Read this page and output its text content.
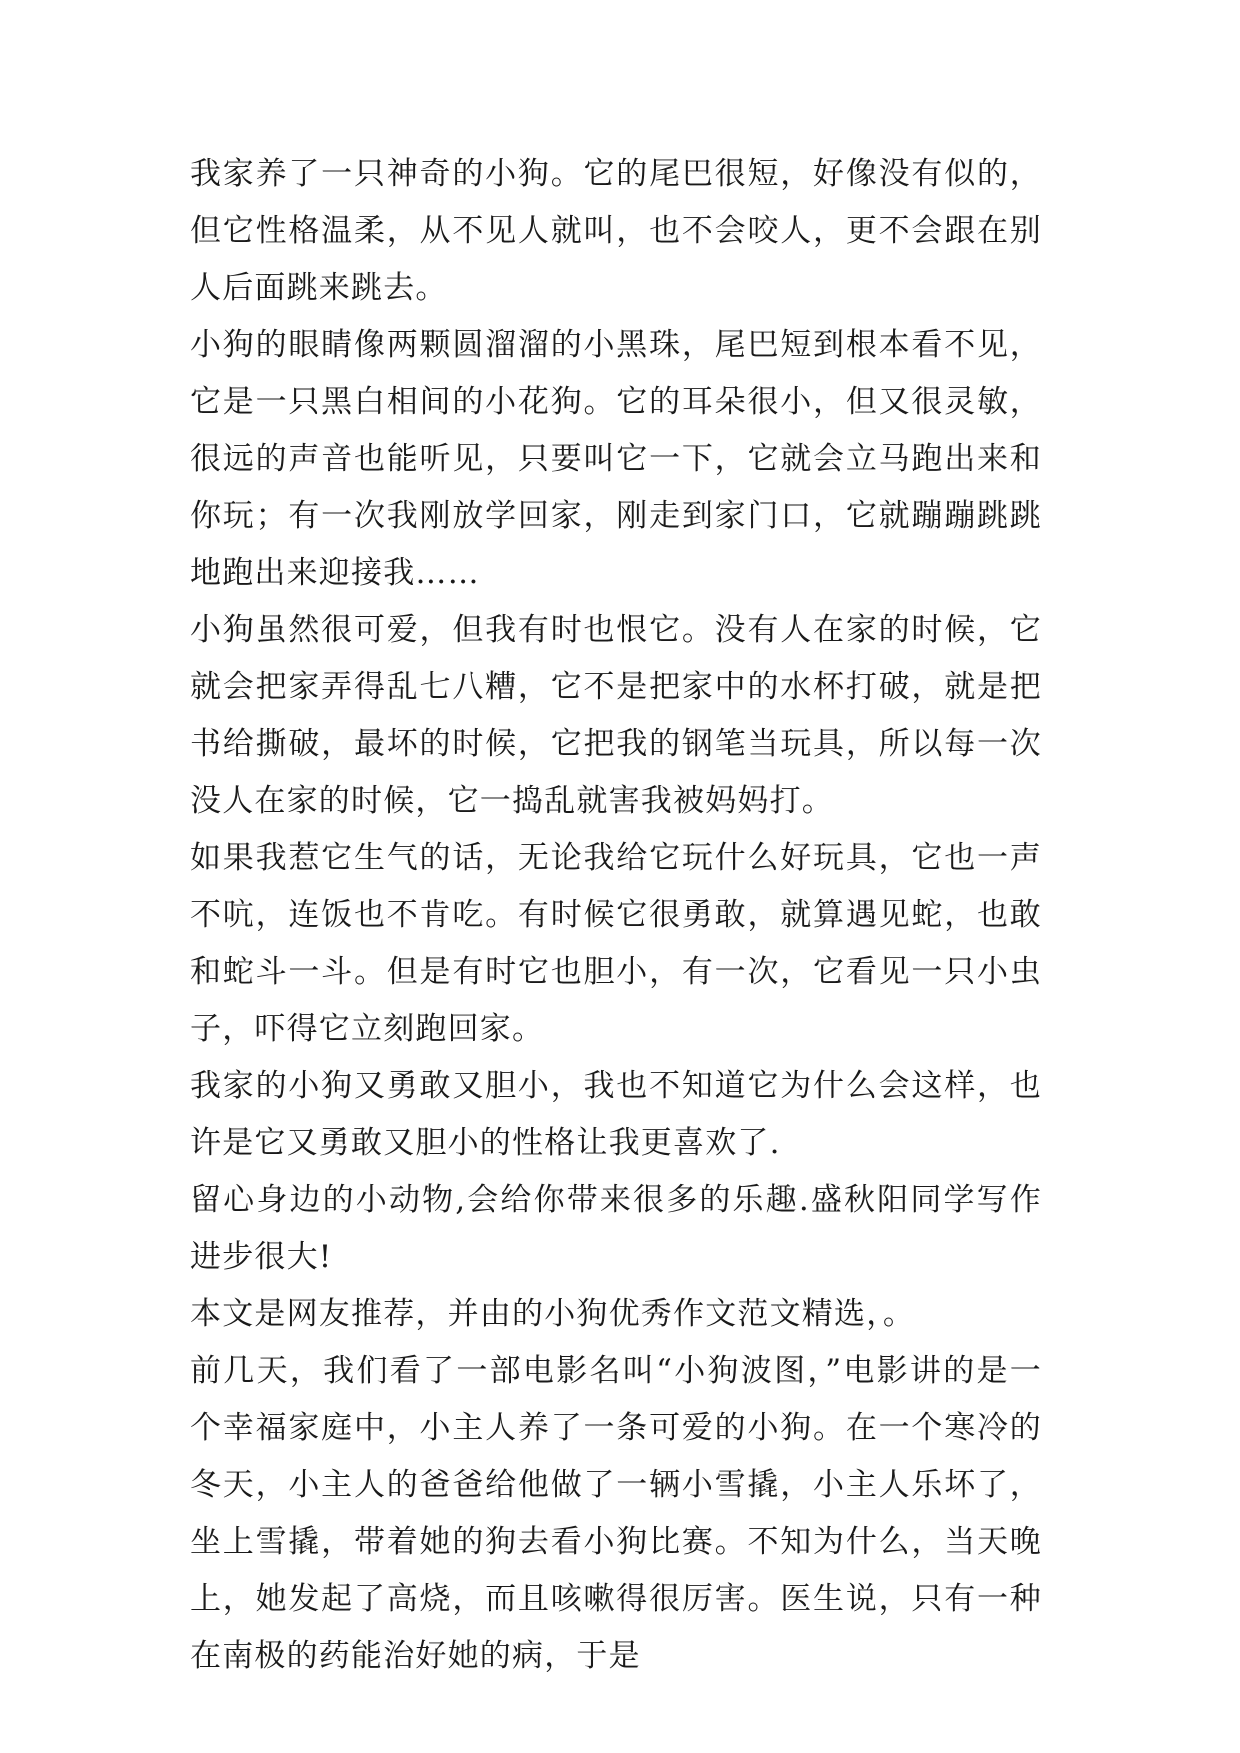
我家养了一只神奇的小狗。它的尾巴很短，好像没有似的，但它性格温柔，从不见人就叫，也不会咬人，更不会跟在别人后面跳来跳去。

小狗的眼睛像两颗圆溜溜的小黑珠，尾巴短到根本看不见，它是一只黑白相间的小花狗。它的耳朵很小，但又很灵敏，很远的声音也能听见，只要叫它一下，它就会立马跑出来和你玩；有一次我刚放学回家，刚走到家门口，它就蹦蹦跳跳地跑出来迎接我……

小狗虽然很可爱，但我有时也恨它。没有人在家的时候，它就会把家弄得乱七八糟，它不是把家中的水杯打破，就是把书给撕破，最坏的时候，它把我的钢笔当玩具，所以每一次没人在家的时候，它一捣乱就害我被妈妈打。

如果我惹它生气的话，无论我给它玩什么好玩具，它也一声不吭，连饭也不肯吃。有时候它很勇敢，就算遇见蛇，也敢和蛇斗一斗。但是有时它也胆小，有一次，它看见一只小虫子，吓得它立刻跑回家。

我家的小狗又勇敢又胆小，我也不知道它为什么会这样，也许是它又勇敢又胆小的性格让我更喜欢了.

留心身边的小动物,会给你带来很多的乐趣.盛秋阳同学写作进步很大!

本文是网友推荐，并由的小狗优秀作文范文精选，。

前几天，我们看了一部电影名叫“小狗波图，”电影讲的是一个幸福家庭中，小主人养了一条可爱的小狗。在一个寒冷的冬天，小主人的爸爸给他做了一辆小雪撬，小主人乐坏了，坐上雪撬，带着她的狗去看小狗比赛。不知为什么，当天晚上，她发起了高烧，而且咳嗽得很厉害。医生说，只有一种在南极的药能治好她的病，于是
